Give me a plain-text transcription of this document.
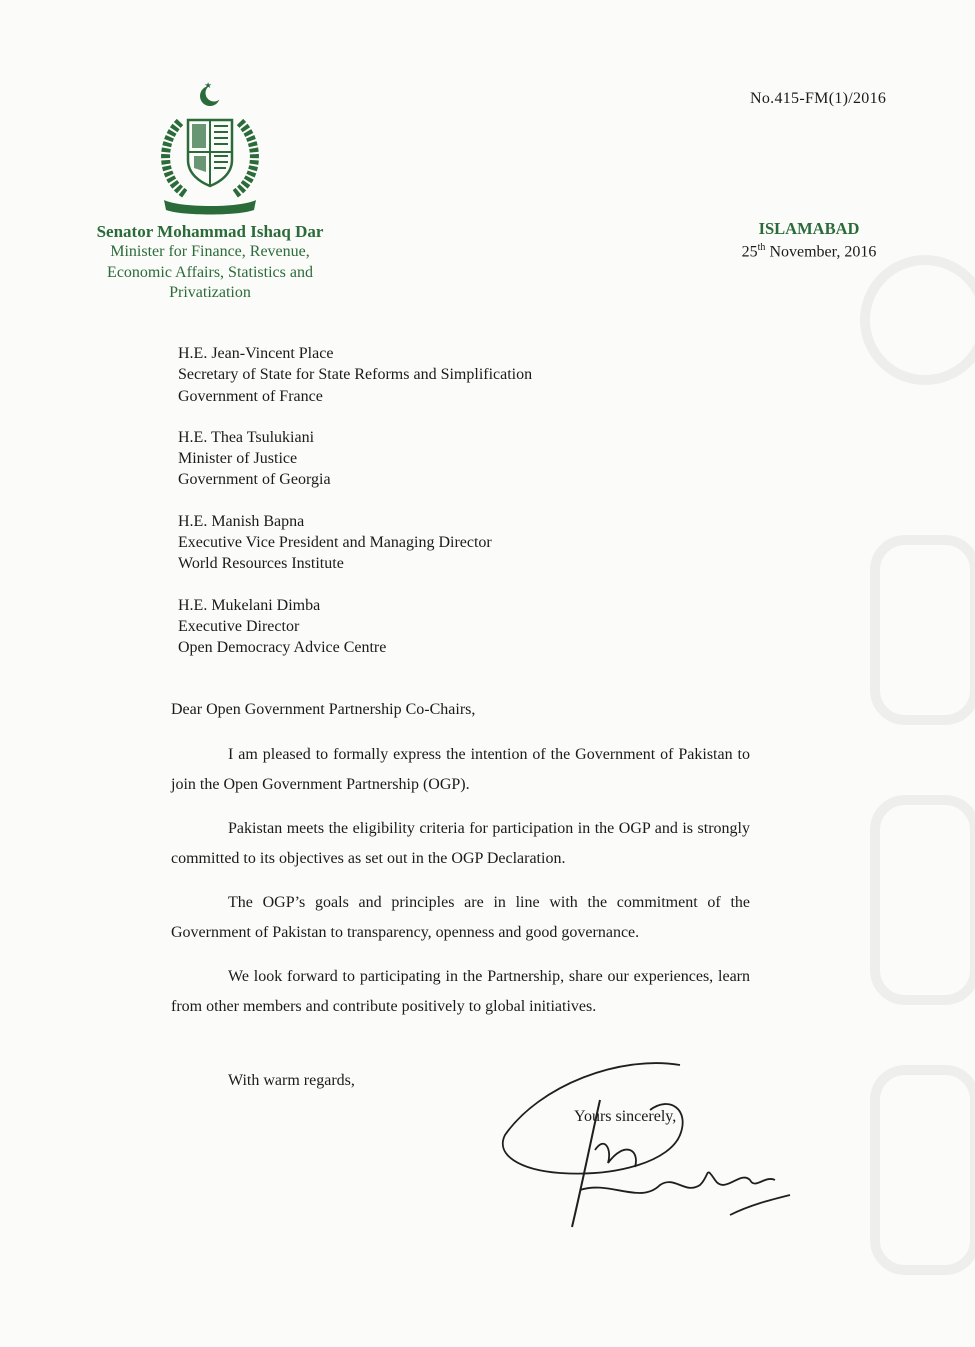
No.415-FM(1)/2016
Senator Mohammad Ishaq Dar
Minister for Finance, Revenue,
Economic Affairs, Statistics and
Privatization
ISLAMABAD
25th November, 2016
H.E. Jean-Vincent Place
Secretary of State for State Reforms and Simplification
Government of France
H.E. Thea Tsulukiani
Minister of Justice
Government of Georgia
H.E. Manish Bapna
Executive Vice President and Managing Director
World Resources Institute
H.E. Mukelani Dimba
Executive Director
Open Democracy Advice Centre
Dear Open Government Partnership Co-Chairs,

I am pleased to formally express the intention of the Government of Pakistan to join the Open Government Partnership (OGP).

Pakistan meets the eligibility criteria for participation in the OGP and is strongly committed to its objectives as set out in the OGP Declaration.

The OGP’s goals and principles are in line with the commitment of the Government of Pakistan to transparency, openness and good governance.

We look forward to participating in the Partnership, share our experiences, learn from other members and contribute positively to global initiatives.

With warm regards,
Yours sincerely,
